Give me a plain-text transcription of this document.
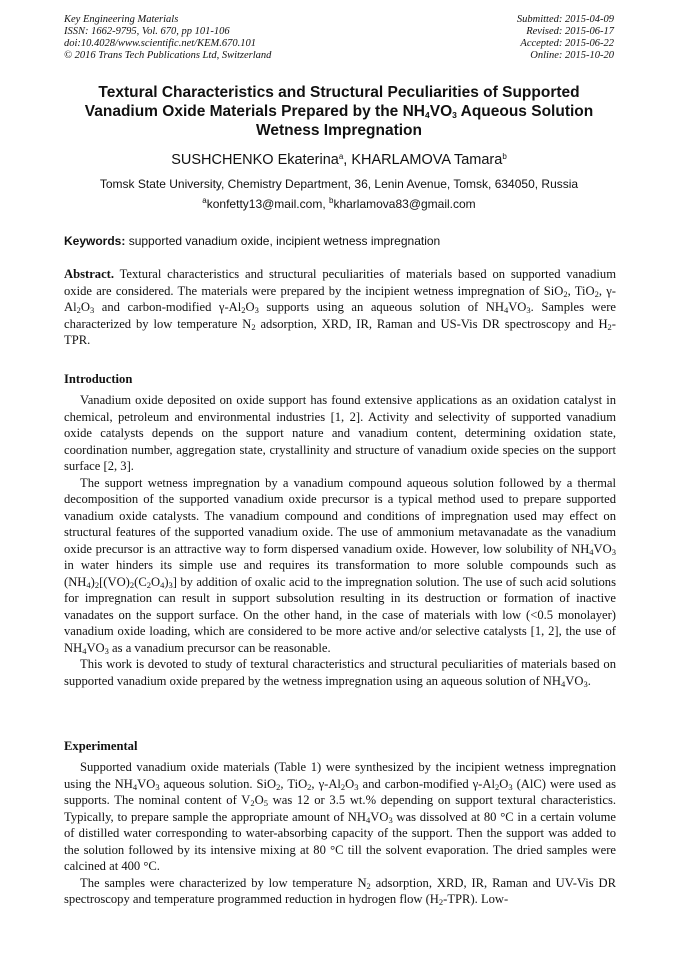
Key Engineering Materials
ISSN: 1662-9795, Vol. 670, pp 101-106
doi:10.4028/www.scientific.net/KEM.670.101
© 2016 Trans Tech Publications Ltd, Switzerland
Submitted: 2015-04-09
Revised: 2015-06-17
Accepted: 2015-06-22
Online: 2015-10-20
Textural Characteristics and Structural Peculiarities of Supported
Vanadium Oxide Materials Prepared by the $NH_4VO_3$ Aqueous Solution
Wetness Impregnation
SUSHCHENKO Ekaterina$^a$, KHARLAMOVA Tamara$^b$
Tomsk State University, Chemistry Department, 36, Lenin Avenue, Tomsk, 634050, Russia
$^a$konfetty13@mail.com, $^b$kharlamova83@gmail.com
Keywords: supported vanadium oxide, incipient wetness impregnation

Abstract. Textural characteristics and structural peculiarities of materials based on supported vanadium oxide are considered. The materials were prepared by the incipient wetness impregnation of SiO$_2$, TiO$_2$, $\gamma-Al_2O_3$ and carbon-modified $\gamma-Al_2O_3$ supports using an aqueous solution of $NH_4VO_3$. Samples were characterized by low temperature $N_2$ adsorption, XRD, IR, Raman and US-Vis DR spectroscopy and $H_2$-TPR.

Introduction

Vanadium oxide deposited on oxide support has found extensive applications as an oxidation catalyst in chemical, petroleum and environmental industries [1, 2]. Activity and selectivity of supported vanadium oxide catalysts depends on the support nature and vanadium content, determining oxidation state, coordination number, aggregation state, crystallinity and structure of vanadium oxide species on the support surface [2, 3].

The support wetness impregnation by a vanadium compound aqueous solution followed by a thermal decomposition of the supported vanadium oxide precursor is a typical method used to prepare supported vanadium oxide catalysts. The vanadium compound and conditions of impregnation used may effect on structural features of the supported vanadium oxide. The use of ammonium metavanadate as the vanadium oxide precursor is an attractive way to form dispersed vanadium oxide. However, low solubility of $NH_4VO_3$ in water hinders its simple use and requires its transformation to more soluble compounds such as $(NH_4)_2[(VO)_2(C_2O_4)_3]$ by addition of oxalic acid to the impregnation solution. The use of such acid solutions for impregnation can result in support subsolution resulting in its destruction or formation of inactive vanadates on the support surface. On the other hand, in the case of materials with low (<0.5 monolayer) vanadium oxide loading, which are considered to be more active and/or selective catalysts [1, 2], the use of $NH_4VO_3$ as a vanadium precursor can be reasonable.

This work is devoted to study of textural characteristics and structural peculiarities of materials based on supported vanadium oxide prepared by the wetness impregnation using an aqueous solution of $NH_4VO_3$.

Experimental

Supported vanadium oxide materials (Table 1) were synthesized by the incipient wetness impregnation using the $NH_4VO_3$ aqueous solution. SiO$_2$, TiO$_2$, $\gamma-Al_2O_3$ and carbon-modified $\gamma-Al_2O_3$ (AlC) were used as supports. The nominal content of $V_2O_5$ was 12 or 3.5 wt.% depending on support textural characteristics. Typically, to prepare sample the appropriate amount of $NH_4VO_3$ was dissolved at 80 °C in a certain volume of distilled water corresponding to water-absorbing capacity of the support. Then the support was added to the solution followed by its intensive mixing at 80 °C till the solvent evaporation. The dried samples were calcined at 400 °C.

The samples were characterized by low temperature $N_2$ adsorption, XRD, IR, Raman and UV-Vis DR spectroscopy and temperature programmed reduction in hydrogen flow $(H_2-TPR)$. Low-
